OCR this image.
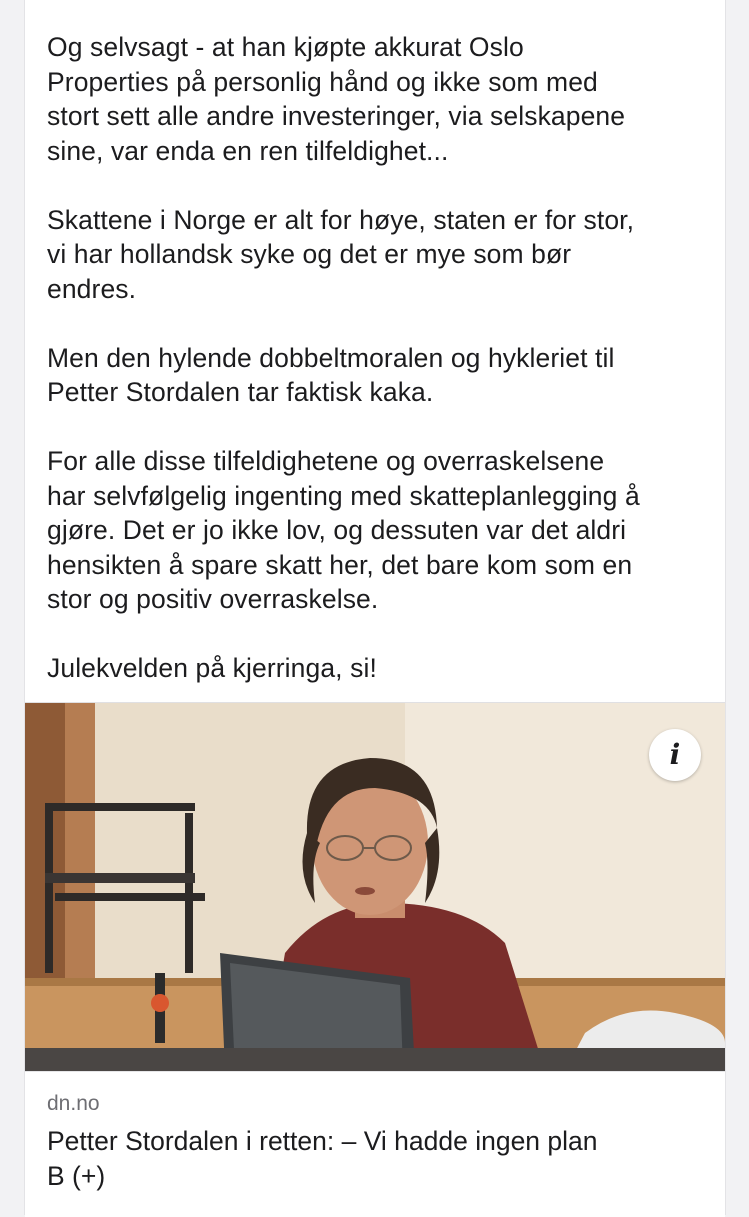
Og selvsagt - at han kjøpte akkurat Oslo
Properties på personlig hånd og ikke som med
stort sett alle andre investeringer, via selskapene
sine, var enda en ren tilfeldighet...

Skattene i Norge er alt for høye, staten er for stor,
vi har hollandsk syke og det er mye som bør
endres.

Men den hylende dobbeltmoralen og hykleriet til
Petter Stordalen tar faktisk kaka.

For alle disse tilfeldighetene og overraskelsene
har selvfølgelig ingenting med skatteplanlegging å
gjøre. Det er jo ikke lov, og dessuten var det aldri
hensikten å spare skatt her, det bare kom som en
stor og positiv overraskelse.

Julekvelden på kjerringa, si!

i
dn.no
Petter Stordalen i retten: – Vi hadde ingen plan
B (+)
